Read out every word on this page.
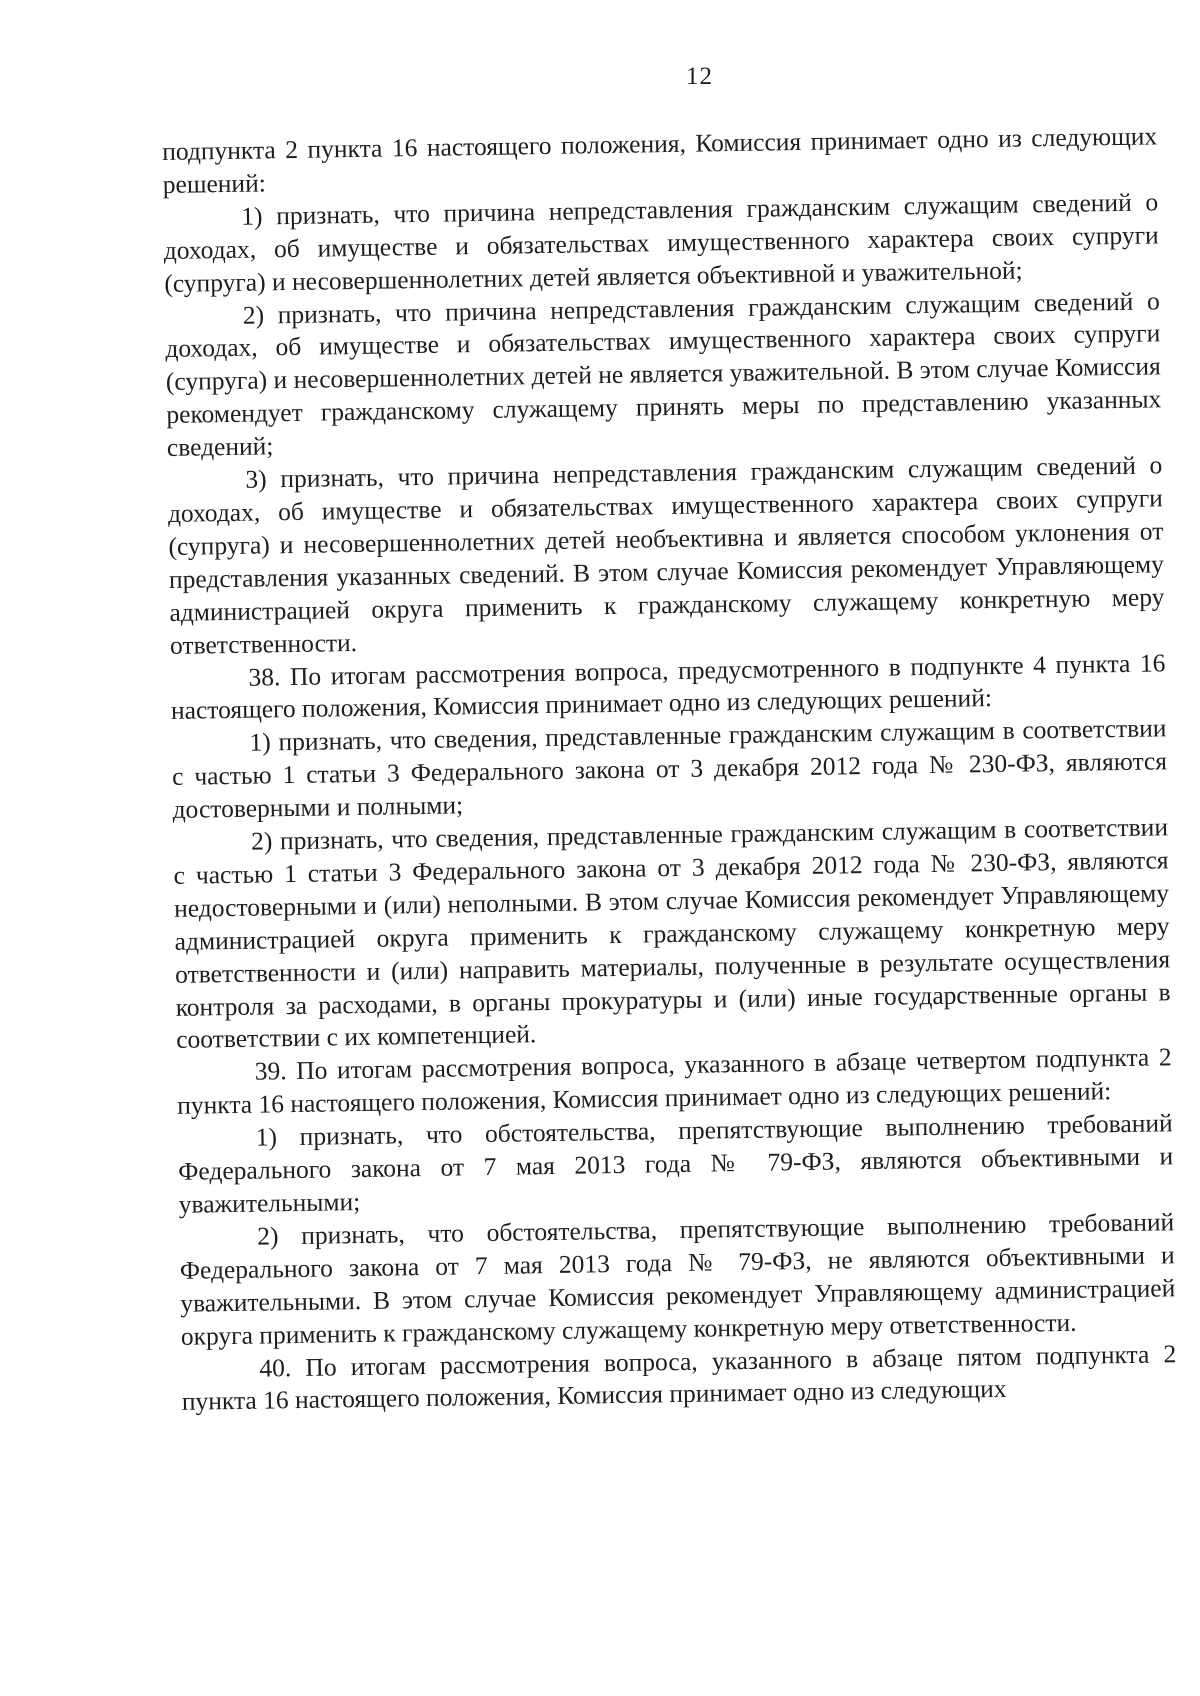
12

подпункта 2 пункта 16 настоящего положения, Комиссия принимает одно из следующих решений:

1) признать, что причина непредставления гражданским служащим сведений о доходах, об имуществе и обязательствах имущественного характера своих супруги (супруга) и несовершеннолетних детей является объективной и уважительной;

2) признать, что причина непредставления гражданским служащим сведений о доходах, об имуществе и обязательствах имущественного характера своих супруги (супруга) и несовершеннолетних детей не является уважительной. В этом случае Комиссия рекомендует гражданскому служащему принять меры по представлению указанных сведений;

3) признать, что причина непредставления гражданским служащим сведений о доходах, об имуществе и обязательствах имущественного характера своих супруги (супруга) и несовершеннолетних детей необъективна и является способом уклонения от представления указанных сведений. В этом случае Комиссия рекомендует Управляющему администрацией округа применить к гражданскому служащему конкретную меру ответственности.

38. По итогам рассмотрения вопроса, предусмотренного в подпункте 4 пункта 16 настоящего положения, Комиссия принимает одно из следующих решений:

1) признать, что сведения, представленные гражданским служащим в соответствии с частью 1 статьи 3 Федерального закона от 3 декабря 2012 года № 230-ФЗ, являются достоверными и полными;

2) признать, что сведения, представленные гражданским служащим в соответствии с частью 1 статьи 3 Федерального закона от 3 декабря 2012 года № 230-ФЗ, являются недостоверными и (или) неполными. В этом случае Комиссия рекомендует Управляющему администрацией округа применить к гражданскому служащему конкретную меру ответственности и (или) направить материалы, полученные в результате осуществления контроля за расходами, в органы прокуратуры и (или) иные государственные органы в соответствии с их компетенцией.

39. По итогам рассмотрения вопроса, указанного в абзаце четвертом подпункта 2 пункта 16 настоящего положения, Комиссия принимает одно из следующих решений:

1) признать, что обстоятельства, препятствующие выполнению требований Федерального закона от 7 мая 2013 года № 79-ФЗ, являются объективными и уважительными;

2) признать, что обстоятельства, препятствующие выполнению требований Федерального закона от 7 мая 2013 года № 79-ФЗ, не являются объективными и уважительными. В этом случае Комиссия рекомендует Управляющему администрацией округа применить к гражданскому служащему конкретную меру ответственности.

40. По итогам рассмотрения вопроса, указанного в абзаце пятом подпункта 2 пункта 16 настоящего положения, Комиссия принимает одно из следующих
